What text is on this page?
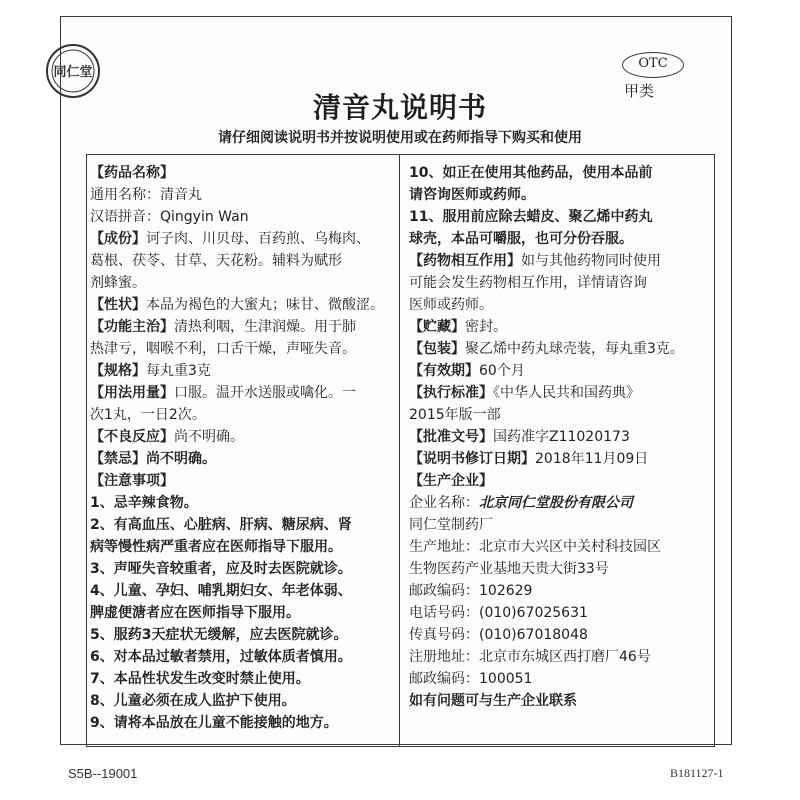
同仁堂
OTC
甲类
清音丸说明书
请仔细阅读说明书并按说明使用或在药师指导下购买和使用
【药品名称】
通用名称：清音丸
汉语拼音：Qingyin Wan
【成份】诃子肉、川贝母、百药煎、乌梅肉、
葛根、茯苓、甘草、天花粉。辅料为赋形
剂蜂蜜。
【性状】本品为褐色的大蜜丸；味甘、微酸涩。
【功能主治】清热利咽，生津润燥。用于肺
热津亏，咽喉不利，口舌干燥，声哑失音。
【规格】每丸重3克
【用法用量】口服。温开水送服或噙化。一
次1丸，一日2次。
【不良反应】尚不明确。
【禁忌】尚不明确。
【注意事项】
1、忌辛辣食物。
2、有高血压、心脏病、肝病、糖尿病、肾
病等慢性病严重者应在医师指导下服用。
3、声哑失音较重者，应及时去医院就诊。
4、儿童、孕妇、哺乳期妇女、年老体弱、
脾虚便溏者应在医师指导下服用。
5、服药3天症状无缓解，应去医院就诊。
6、对本品过敏者禁用，过敏体质者慎用。
7、本品性状发生改变时禁止使用。
8、儿童必须在成人监护下使用。
9、请将本品放在儿童不能接触的地方。
10、如正在使用其他药品，使用本品前
请咨询医师或药师。
11、服用前应除去蜡皮、聚乙烯中药丸
球壳，本品可嚼服，也可分份吞服。
【药物相互作用】如与其他药物同时使用
可能会发生药物相互作用，详情请咨询
医师或药师。
【贮藏】密封。
【包装】聚乙烯中药丸球壳装，每丸重3克。
【有效期】60个月
【执行标准】《中华人民共和国药典》
2015年版一部
【批准文号】国药准字Z11020173
【说明书修订日期】2018年11月09日
【生产企业】
企业名称：北京同仁堂股份有限公司
同仁堂制药厂
生产地址：北京市大兴区中关村科技园区
生物医药产业基地天贵大街33号
邮政编码：102629
电话号码：(010)67025631
传真号码：(010)67018048
注册地址：北京市东城区西打磨厂46号
邮政编码：100051
如有问题可与生产企业联系
S5B--19001	B181127-1
